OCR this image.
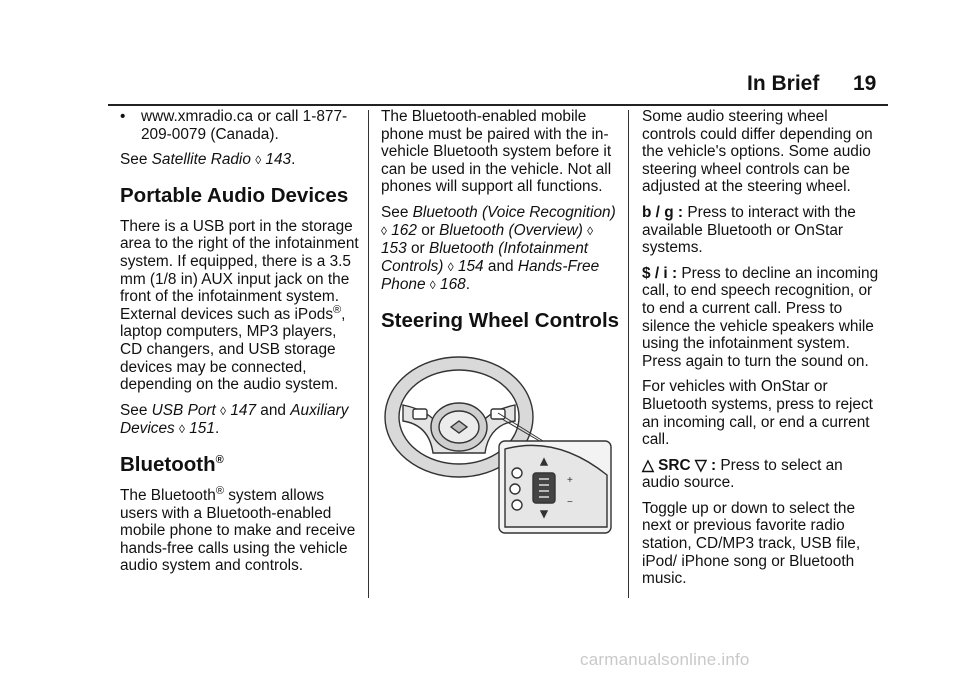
In Brief 19
•	www.xmradio.ca or call 1-877-209-0079 (Canada).

See Satellite Radio ◊ 143.

Portable Audio Devices

There is a USB port in the storage area to the right of the infotainment system. If equipped, there is a 3.5 mm (1/8 in) AUX input jack on the front of the infotainment system. External devices such as iPods®, laptop computers, MP3 players, CD changers, and USB storage devices may be connected, depending on the audio system.

See USB Port ◊ 147 and Auxiliary Devices ◊ 151.

Bluetooth®

The Bluetooth® system allows users with a Bluetooth-enabled mobile phone to make and receive hands-free calls using the vehicle audio system and controls.

The Bluetooth-enabled mobile phone must be paired with the in-vehicle Bluetooth system before it can be used in the vehicle. Not all phones will support all functions.

See Bluetooth (Voice Recognition) ◊ 162 or Bluetooth (Overview) ◊ 153 or Bluetooth (Infotainment Controls) ◊ 154 and Hands-Free Phone ◊ 168.

Steering Wheel Controls
+
−

Some audio steering wheel controls could differ depending on the vehicle's options. Some audio steering wheel controls can be adjusted at the steering wheel.

b / g : Press to interact with the available Bluetooth or OnStar systems.

$ / i : Press to decline an incoming call, to end speech recognition, or to end a current call. Press to silence the vehicle speakers while using the infotainment system. Press again to turn the sound on.

For vehicles with OnStar or Bluetooth systems, press to reject an incoming call, or end a current call.

△ SRC ▽ : Press to select an audio source.

Toggle up or down to select the next or previous favorite radio station, CD/MP3 track, USB file, iPod/ iPhone song or Bluetooth music.

carmanualsonline.info
